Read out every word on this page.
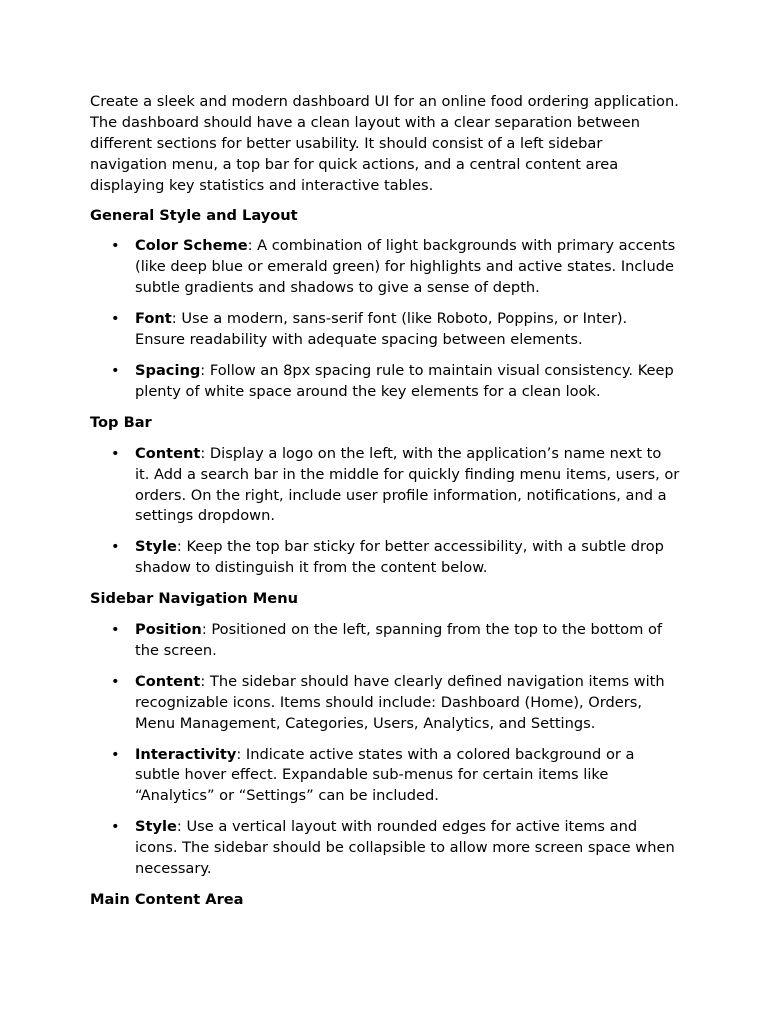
Create a sleek and modern dashboard UI for an online food ordering application. The dashboard should have a clean layout with a clear separation between different sections for better usability. It should consist of a left sidebar navigation menu, a top bar for quick actions, and a central content area displaying key statistics and interactive tables.

General Style and Layout
• Color Scheme: A combination of light backgrounds with primary accents (like deep blue or emerald green) for highlights and active states. Include subtle gradients and shadows to give a sense of depth.
• Font: Use a modern, sans-serif font (like Roboto, Poppins, or Inter). Ensure readability with adequate spacing between elements.
• Spacing: Follow an 8px spacing rule to maintain visual consistency. Keep plenty of white space around the key elements for a clean look.
Top Bar
• Content: Display a logo on the left, with the application’s name next to it. Add a search bar in the middle for quickly finding menu items, users, or orders. On the right, include user profile information, notifications, and a settings dropdown.
• Style: Keep the top bar sticky for better accessibility, with a subtle drop shadow to distinguish it from the content below.
Sidebar Navigation Menu
• Position: Positioned on the left, spanning from the top to the bottom of the screen.
• Content: The sidebar should have clearly defined navigation items with recognizable icons. Items should include: Dashboard (Home), Orders, Menu Management, Categories, Users, Analytics, and Settings.
• Interactivity: Indicate active states with a colored background or a subtle hover effect. Expandable sub-menus for certain items like “Analytics” or “Settings” can be included.
• Style: Use a vertical layout with rounded edges for active items and icons. The sidebar should be collapsible to allow more screen space when necessary.
Main Content Area
